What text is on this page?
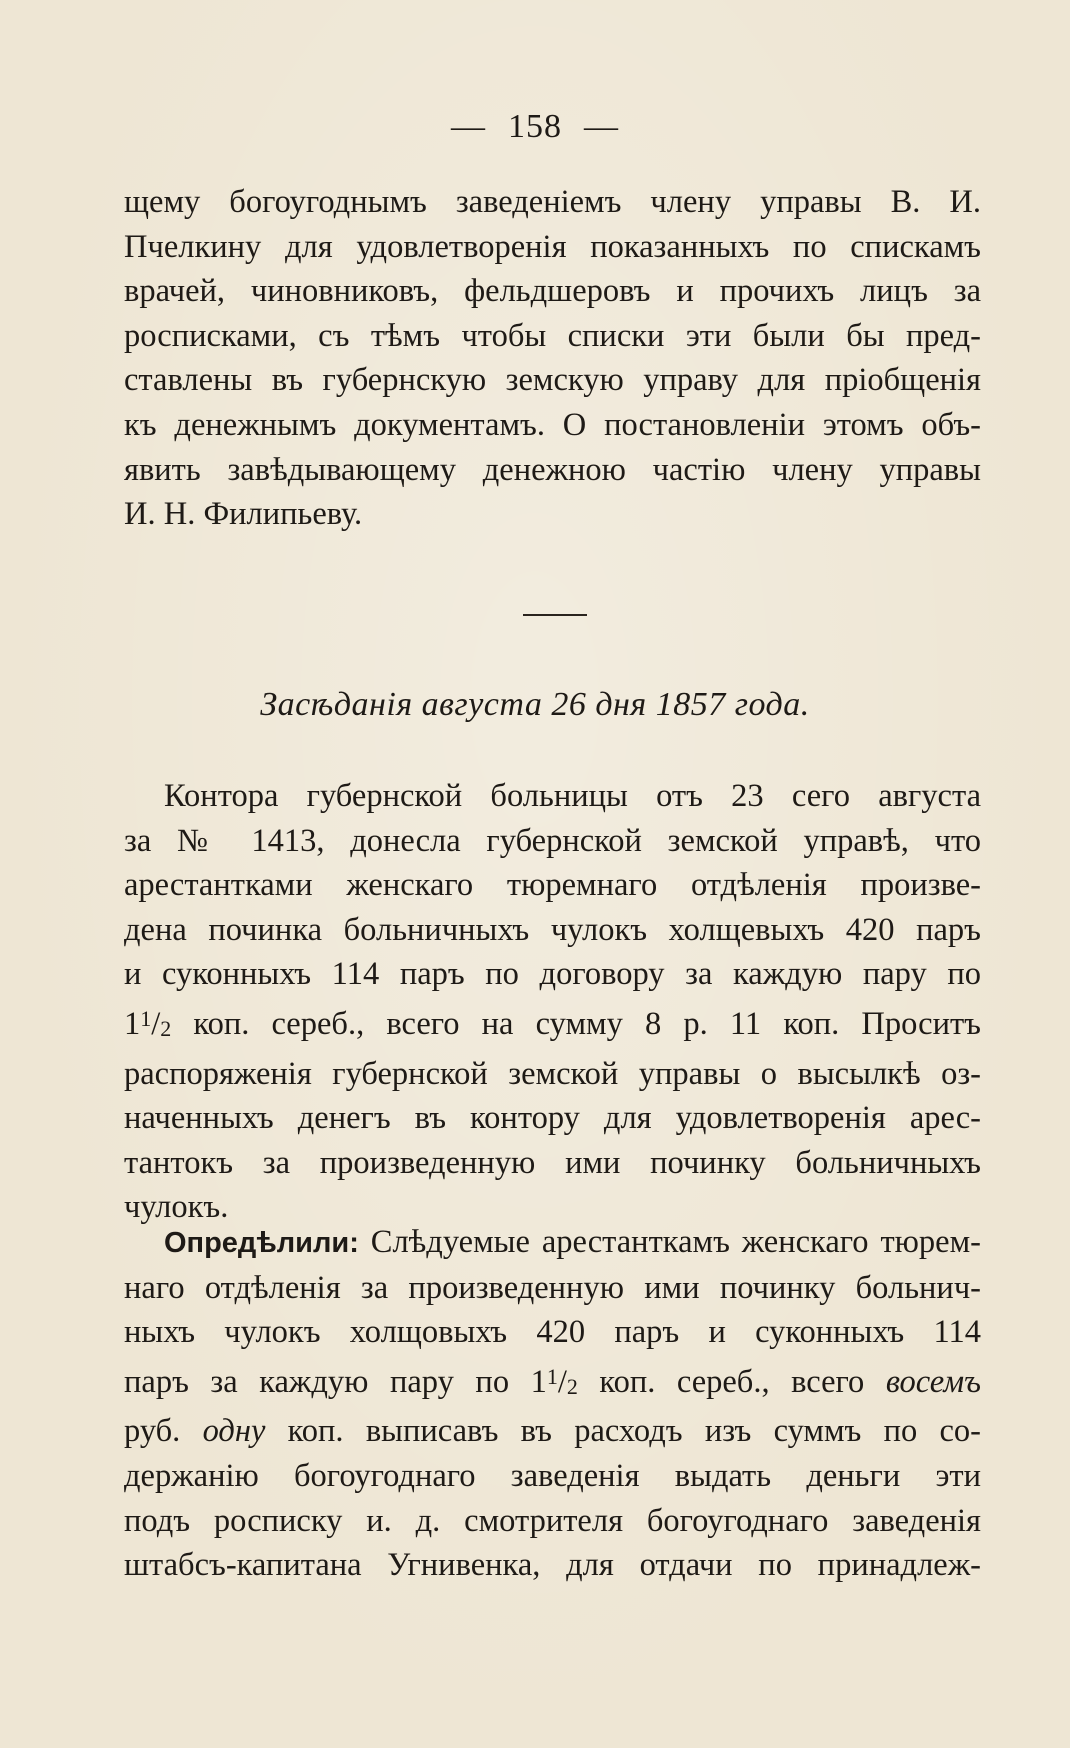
— 158 —
щему богоугоднымъ заведенiемъ члену управы В. И.
Пчелкину для удовлетворенiя показанныхъ по спискамъ
врачей, чиновниковъ, фельдшеровъ и прочихъ лицъ за
росписками, съ тѣмъ чтобы списки эти были бы пред-
ставлены въ губернскую земскую управу для прiобщенiя
къ денежнымъ документамъ. О постановленiи этомъ объ-
явить завѣдывающему денежною частiю члену управы
И. Н. Филипьеву.
Засѣданiя августа 26 дня 1857 года.
Контора губернской больницы отъ 23 сего августа
за № 1413, донесла губернской земской управѣ, что
арестантками женскаго тюремнаго отдѣленiя произве-
дена починка больничныхъ чулокъ холщевыхъ 420 паръ
и суконныхъ 114 паръ по договору за каждую пару по
$1^1/2$ коп. сереб., всего на сумму 8 р. 11 коп. Проситъ
распоряженiя губернской земской управы о высылкѣ оз-
наченныхъ денегъ въ контору для удовлетворенiя арес-
тантокъ за произведенную ими починку больничныхъ
чулокъ.
Опредѣлили: Слѣдуемые арестанткамъ женскаго тюрем-
наго отдѣленiя за произведенную ими починку больнич-
ныхъ чулокъ холщовыхъ 420 паръ и суконныхъ 114
паръ за каждую пару по $1^1/2$ коп. сереб., всего восемъ
руб. одну коп. выписавъ въ расходъ изъ суммъ по со-
держанiю богоугоднаго заведенiя выдать деньги эти
подъ росписку и. д. смотрителя богоугоднаго заведенiя
штабсъ-капитана Угнивенка, для отдачи по принадлеж-
